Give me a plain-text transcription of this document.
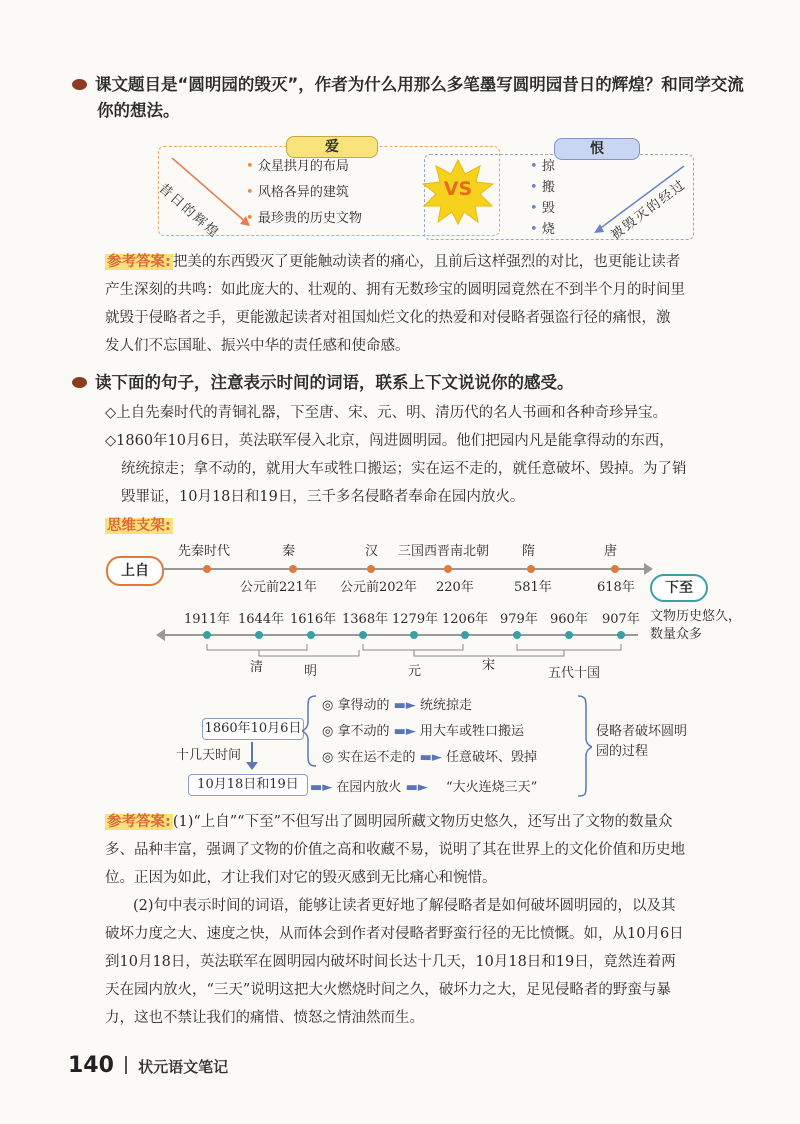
课文题目是“圆明园的毁灭”，作者为什么用那么多笔墨写圆明园昔日的辉煌？和同学交流
你的想法。
爱	恨
昔日的辉煌
• 众星拱月的布局
• 风格各异的建筑
• 最珍贵的历史文物
VS
• 掠
• 搬
• 毁
• 烧	被毁灭的经过
参考答案: 把美的东西毁灭了更能触动读者的痛心，且前后这样强烈的对比，也更能让读者
产生深刻的共鸣：如此庞大的、壮观的、拥有无数珍宝的圆明园竟然在不到半个月的时间里
就毁于侵略者之手，更能激起读者对祖国灿烂文化的热爱和对侵略者强盗行径的痛恨，激
发人们不忘国耻、振兴中华的责任感和使命感。
读下面的句子，注意表示时间的词语，联系上下文说说你的感受。
◇上自先秦时代的青铜礼器，下至唐、宋、元、明、清历代的名人书画和各种奇珍异宝。
◇1860年10月6日，英法联军侵入北京，闯进圆明园。他们把园内凡是能拿得动的东西，
统统掠走；拿不动的，就用大车或牲口搬运；实在运不走的，就任意破坏、毁掉。为了销
毁罪证，10月18日和19日，三千多名侵略者奉命在园内放火。
思维支架:
上自
下至
先秦时代	秦	汉 三国西晋南北朝	隋	唐
公元前221年 公元前202年 220年	581年	618年
1911年 1644年 1616年 1368年 1279年 1206年 979年 960年 907年 文物历史悠久，
数量众多
清	明	元	宋
五代十国
1860年10月6日
十几天时间
10月18日和19日
◎ 拿得动的 ▬► 统统掠走
◎ 拿不动的 ▬► 用大车或牲口搬运
◎ 实在运不走的 ▬► 任意破坏、毁掉
▬► 在园内放火 ▬► “大火连烧三天”
侵略者破坏圆明园的过程
参考答案: (1)“上自”“下至”不但写出了圆明园所藏文物历史悠久，还写出了文物的数量众
多、品种丰富，强调了文物的价值之高和收藏不易，说明了其在世界上的文化价值和历史地
位。正因为如此，才让我们对它的毁灭感到无比痛心和惋惜。
(2)句中表示时间的词语，能够让读者更好地了解侵略者是如何破坏圆明园的，以及其
破坏力度之大、速度之快，从而体会到作者对侵略者野蛮行径的无比愤慨。如，从10月6日
到10月18日，英法联军在圆明园内破坏时间长达十几天，10月18日和19日，竟然连着两
天在园内放火，“三天”说明这把大火燃烧时间之久，破坏力之大，足见侵略者的野蛮与暴
力，这也不禁让我们的痛惜、愤怒之情油然而生。
140 状元语文笔记
